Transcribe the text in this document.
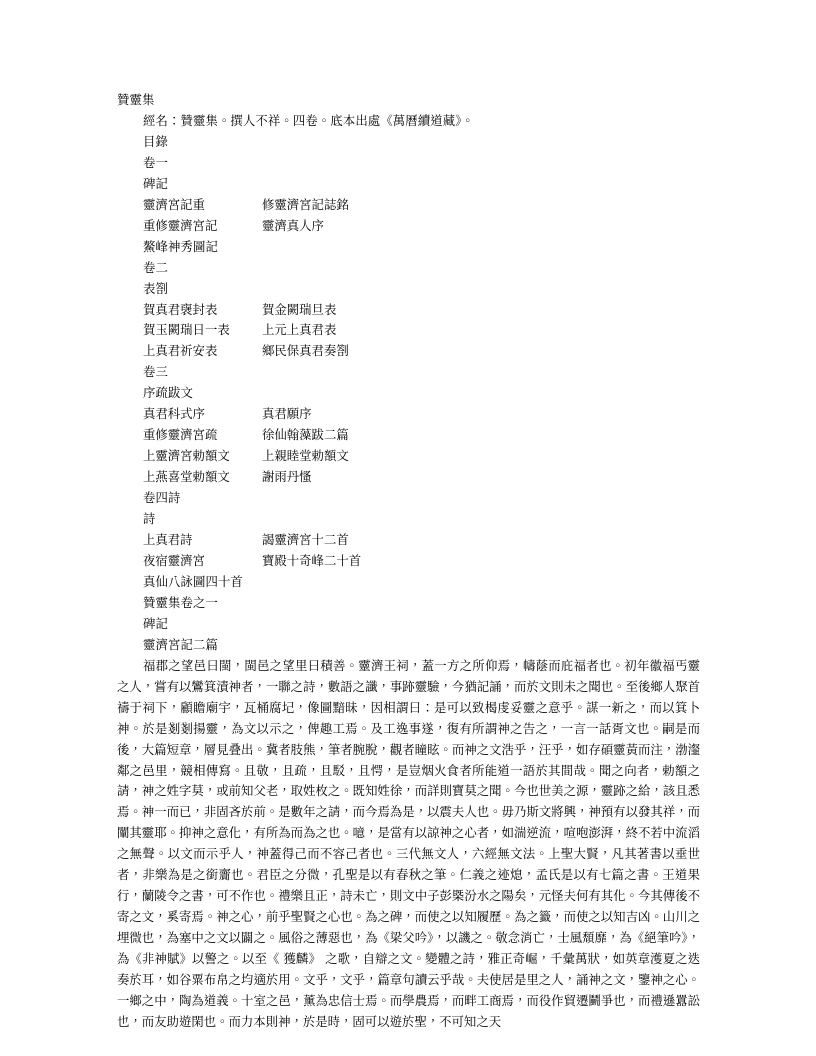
贊靈集
經名：贊靈集。撰人不祥。四卷。底本出處《萬曆續道藏》。
目錄
卷一
碑記
靈濟宮記重	修靈濟宮記誌銘
重修靈濟宮記	靈濟真人序
鰲峰神秀圖記
卷二
表劄
賀真君襃封表	賀金闕瑞旦表
賀玉闕瑞日一表	上元上真君表
上真君祈安表	鄉民保真君奏劄
卷三
序疏跋文
真君科式序	真君願序
重修靈濟宮疏	徐仙翰藻跋二篇
上靈濟宮勅額文	上親睦堂勅額文
上燕喜堂勅額文	謝雨丹慅
卷四詩
詩
上真君詩	謁靈濟宮十二首
夜宿靈濟宮	寶殿十奇峰二十首
真仙八詠圖四十首
贊靈集卷之一
碑記
靈濟宮記二篇

福郡之望邑曰閩，閩邑之望里曰積善。靈濟王祠，蓋一方之所仰焉，幬蔭而庇福者也。初年徽福丐靈之人，嘗有以鸞箕漬神者，一聯之詩，數語之讖，事跡靈驗，今猶記誦，而於文則未之聞也。至後鄉人聚首禱于祠下，顧瞻廟宇，瓦桶腐圮，像圖黯昧，因相謂曰：是可以致楬虔妥靈之意乎。謀一新之，而以箕卜神。於是剗剗揚靈，為文以示之，俾趣工焉。及工逸事遂，復有所謂神之告之，一言一話胥文也。嗣是而後，大篇短章，層見叠出。冀者肢熊，筆者腕脫，觀者瞳眩。而神之文浩乎，汪乎，如存碩靈黃而注，渤瀣鄰之邑里，競相傳寫。且敬，且疏，且駁，且愕，是豈烟火食者所能道一語於其間哉。聞之向者，勅額之請，神之姓字莫，或前知父老，取姓枚之。既知姓徐，而詳則寶莫之聞。今也世美之源，靈跡之給，該且悉焉。神一而已，非固吝於前。是數年之請，而今焉為是，以震夫人也。毋乃斯文將興，神預有以發其祥，而闡其靈耶。抑神之意化，有所為而為之也。噫，是當有以諒神之心者，如湍逆流，喧咆澎湃，終不若中流滔之無聲。以文而示乎人，神蓋得己而不容己者也。三代無文人，六經無文法。上聖大賢，凡其著書以垂世者，非樂為是之銜齎也。君臣之分微，孔聖是以有春秋之筆。仁義之迹熄，孟氏是以有七篇之書。王道果行，蘭陵令之書，可不作也。禮樂且正，詩未亡，則文中子彭槩汾水之陽矣，元怪夫何有其化。今其傳後不寄之文，奚寄焉。神之心，前乎聖賢之心也。為之碑，而使之以知履歷。為之籤，而使之以知吉凶。山川之埋微也，為塞中之文以闢之。風俗之薄惡也，為《梁父吟》，以譏之。敬念消亡，士風頹靡，為《絕筆吟》，為《非神賦》以警之。以至《 獲麟》 之歌，自辯之文。變體之詩，雅正奇崛，千彙萬狀，如英章濩夏之迭奏於耳，如谷粟布帛之均適於用。文乎，文乎，篇章句讀云乎哉。夫使居是里之人，誦神之文，鑒神之心。一鄉之中，陶為道義。十室之邑，薰為忠信士焉。而學農焉，而畔工商焉，而役作貿遷鬭爭也，而禮遜囂訟也，而友助遊閑也。而力本則神，於是時，固可以遊於聖，不可知之天
